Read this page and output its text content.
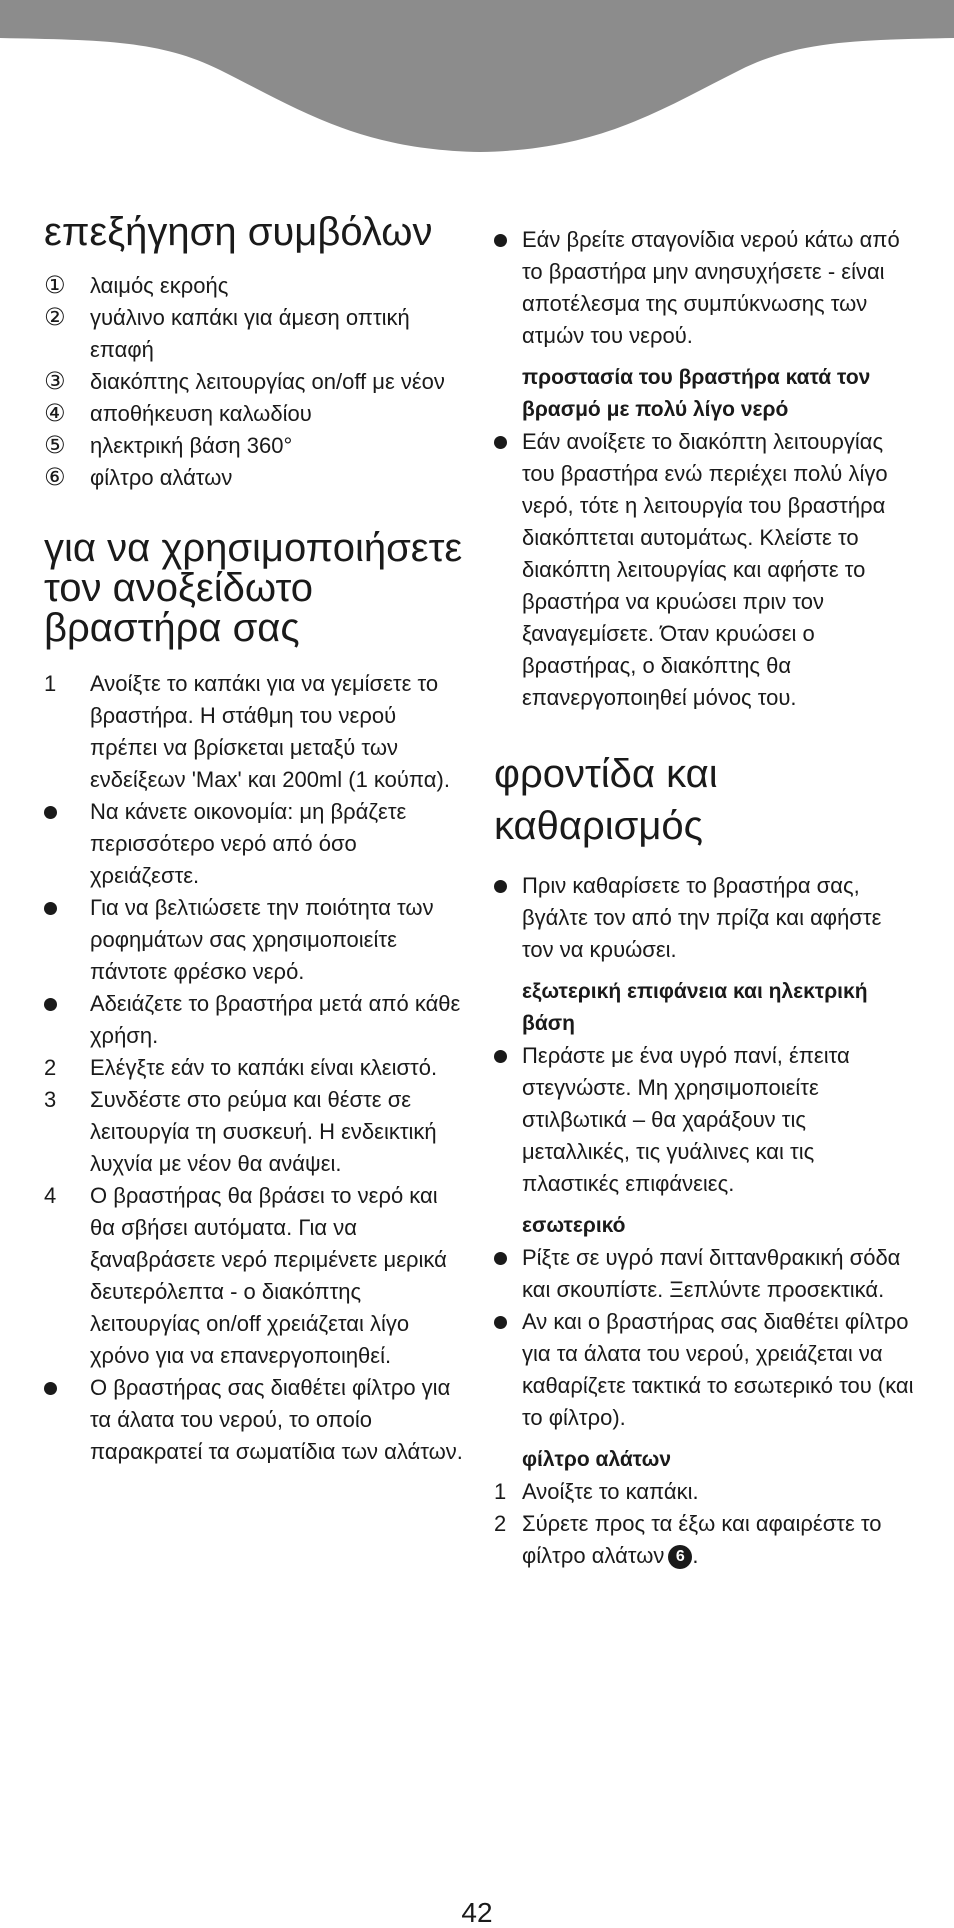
επεξήγηση συμβόλων
①	λαιμός εκροής
②	γυάλινο καπάκι για άμεση οπτική επαφή
③	διακόπτης λειτουργίας on/off με νέον
④	αποθήκευση καλωδίου
⑤	ηλεκτρική βάση 360°
⑥	φίλτρο αλάτων
για να χρησιμοποιήσετε τον ανοξείδωτο βραστήρα σας
1	Ανοίξτε το καπάκι για να γεμίσετε το βραστήρα. Η στάθμη του νερού πρέπει να βρίσκεται μεταξύ των ενδείξεων 'Max' και 200ml (1 κούπα).
Να κάνετε οικονομία: μη βράζετε περισσότερο νερό από όσο χρειάζεστε.
Για να βελτιώσετε την ποιότητα των ροφημάτων σας χρησιμοποιείτε πάντοτε φρέσκο νερό.
Αδειάζετε το βραστήρα μετά από κάθε χρήση.
2	Ελέγξτε εάν το καπάκι είναι κλειστό.
3	Συνδέστε στο ρεύμα και θέστε σε λειτουργία τη συσκευή. Η ενδεικτική λυχνία με νέον θα ανάψει.
4	Ο βραστήρας θα βράσει το νερό και θα σβήσει αυτόματα. Για να ξαναβράσετε νερό περιμένετε μερικά δευτερόλεπτα - ο διακόπτης λειτουργίας on/off χρειάζεται λίγο χρόνο για να επανεργοποιηθεί.
Ο βραστήρας σας διαθέτει φίλτρο για τα άλατα του νερού, το οποίο παρακρατεί τα σωματίδια των αλάτων.
Εάν βρείτε σταγονίδια νερού κάτω από το βραστήρα μην ανησυχήσετε - είναι αποτέλεσμα της συμπύκνωσης των ατμών του νερού.

προστασία του βραστήρα κατά τον βρασμό με πολύ λίγο νερό

Εάν ανοίξετε το διακόπτη λειτουργίας του βραστήρα ενώ περιέχει πολύ λίγο νερό, τότε η λειτουργία του βραστήρα διακόπτεται αυτομάτως. Κλείστε το διακόπτη λειτουργίας και αφήστε το βραστήρα να κρυώσει πριν τον ξαναγεμίσετε. Όταν κρυώσει ο βραστήρας, ο διακόπτης θα επανεργοποιηθεί μόνος του.
φροντίδα και καθαρισμός
Πριν καθαρίσετε το βραστήρα σας, βγάλτε τον από την πρίζα και αφήστε τον να κρυώσει.

εξωτερική επιφάνεια και ηλεκτρική βάση

Περάστε με ένα υγρό πανί, έπειτα στεγνώστε. Μη χρησιμοποιείτε στιλβωτικά – θα χαράξουν τις μεταλλικές, τις γυάλινες και τις πλαστικές επιφάνειες.

εσωτερικό

Ρίξτε σε υγρό πανί διττανθρακική σόδα και σκουπίστε. Ξεπλύντε προσεκτικά.
Αν και ο βραστήρας σας διαθέτει φίλτρο για τα άλατα του νερού, χρειάζεται να καθαρίζετε τακτικά το εσωτερικό του (και το φίλτρο).

φίλτρο αλάτων

1 Ανοίξτε το καπάκι.
2 Σύρετε προς τα έξω και αφαιρέστε το φίλτρο αλάτων 6 .
42
